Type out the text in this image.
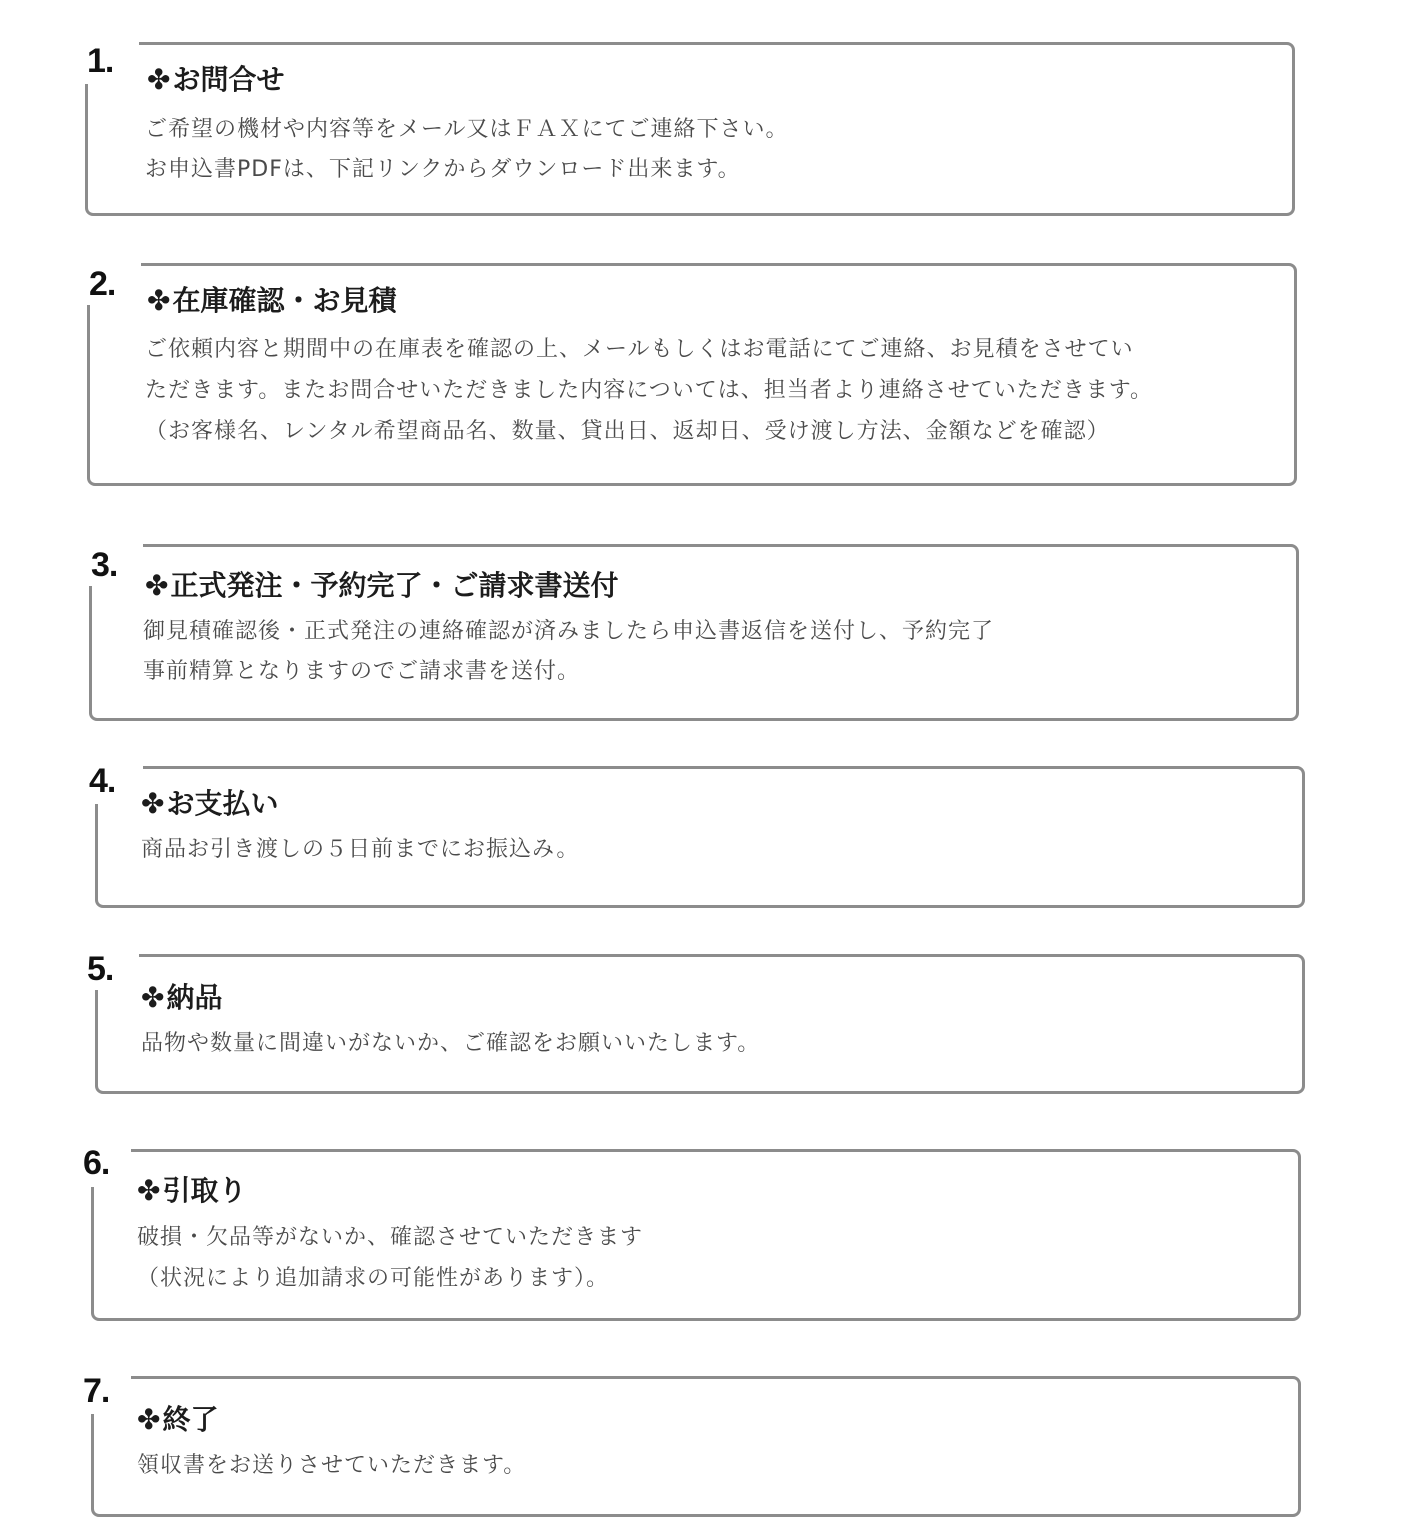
1. ✤お問合せ
ご希望の機材や内容等をメール又はＦＡＸにてご連絡下さい。
お申込書PDFは、下記リンクからダウンロード出来ます。
2. ✤在庫確認・お見積
ご依頼内容と期間中の在庫表を確認の上、メールもしくはお電話にてご連絡、お見積をさせてい
ただきます。またお問合せいただきました内容については、担当者より連絡させていただきます。
（お客様名、レンタル希望商品名、数量、貸出日、返却日、受け渡し方法、金額などを確認）
3.
✤正式発注・予約完了・ご請求書送付
御見積確認後・正式発注の連絡確認が済みましたら申込書返信を送付し、予約完了
事前精算となりますのでご請求書を送付。
4.
✤お支払い
商品お引き渡しの５日前までにお振込み。
5.
✤納品
品物や数量に間違いがないか、ご確認をお願いいたします。
6.
✤引取り
破損・欠品等がないか、確認させていただきます
（状況により追加請求の可能性があります）。
7.
✤終了
領収書をお送りさせていただきます。
